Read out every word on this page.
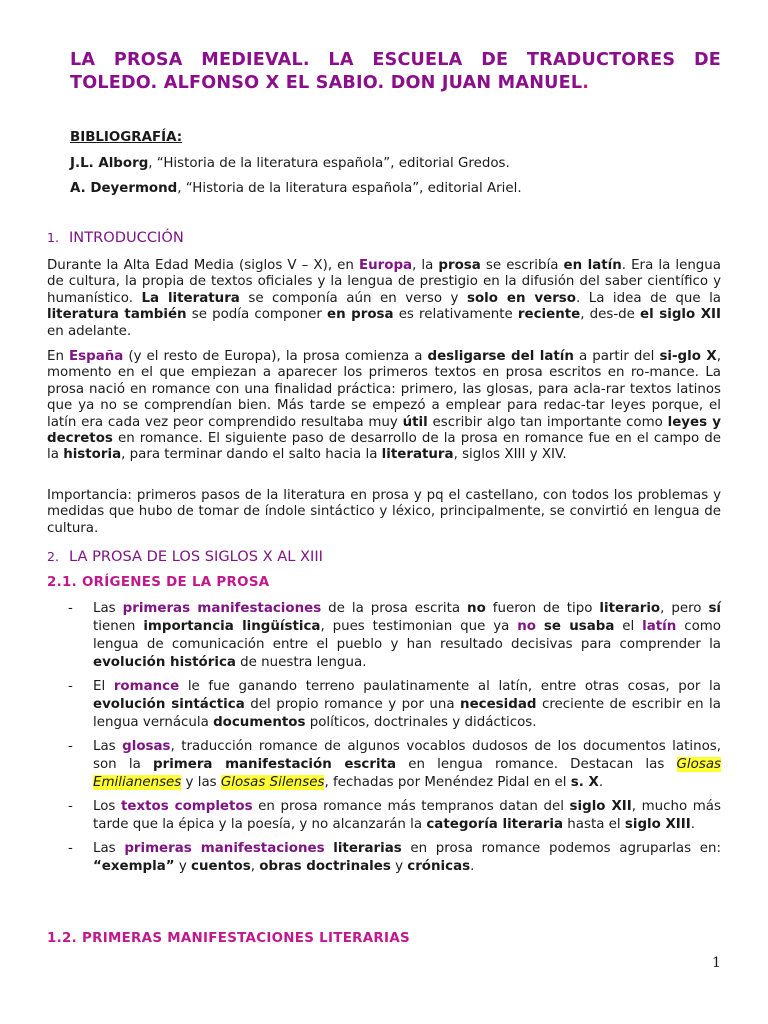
LA PROSA MEDIEVAL. LA ESCUELA DE TRADUCTORES DE
TOLEDO. ALFONSO X EL SABIO. DON JUAN MANUEL.
BIBLIOGRAFÍA:
J.L. Alborg, “Historia de la literatura española”, editorial Gredos.
A. Deyermond, “Historia de la literatura española”, editorial Ariel.
1. INTRODUCCIÓN
Durante la Alta Edad Media (siglos V – X), en Europa, la prosa se escribía en latín. Era la lengua de cultura, la propia de textos oficiales y la lengua de prestigio en la difusión del saber científico y humanístico. La literatura se componía aún en verso y solo en verso. La idea de que la literatura también se podía componer en prosa es relativamente reciente, des-de el siglo XII en adelante.
En España (y el resto de Europa), la prosa comienza a desligarse del latín a partir del si-glo X, momento en el que empiezan a aparecer los primeros textos en prosa escritos en ro-mance. La prosa nació en romance con una finalidad práctica: primero, las glosas, para acla-rar textos latinos que ya no se comprendían bien. Más tarde se empezó a emplear para redac-tar leyes porque, el latín era cada vez peor comprendido resultaba muy útil escribir algo tan importante como leyes y decretos en romance. El siguiente paso de desarrollo de la prosa en romance fue en el campo de la historia, para terminar dando el salto hacia la literatura, siglos XIII y XIV.
Importancia: primeros pasos de la literatura en prosa y pq el castellano, con todos los problemas y medidas que hubo de tomar de índole sintáctico y léxico, principalmente, se convirtió en lengua de cultura.
2. LA PROSA DE LOS SIGLOS X AL XIII
2.1. ORÍGENES DE LA PROSA
- Las primeras manifestaciones de la prosa escrita no fueron de tipo literario, pero sí tienen importancia lingüística, pues testimonian que ya no se usaba el latín como lengua de comunicación entre el pueblo y han resultado decisivas para comprender la evolución histórica de nuestra lengua.
- El romance le fue ganando terreno paulatinamente al latín, entre otras cosas, por la evolución sintáctica del propio romance y por una necesidad creciente de escribir en la lengua vernácula documentos políticos, doctrinales y didácticos.
- Las glosas, traducción romance de algunos vocablos dudosos de los documentos latinos, son la primera manifestación escrita en lengua romance. Destacan las Glosas Emilianenses y las Glosas Silenses, fechadas por Menéndez Pidal en el s. X.
- Los textos completos en prosa romance más tempranos datan del siglo XII, mucho más tarde que la épica y la poesía, y no alcanzarán la categoría literaria hasta el siglo XIII.
- Las primeras manifestaciones literarias en prosa romance podemos agruparlas en: “exempla” y cuentos, obras doctrinales y crónicas.
1.2. PRIMERAS MANIFESTACIONES LITERARIAS
1
